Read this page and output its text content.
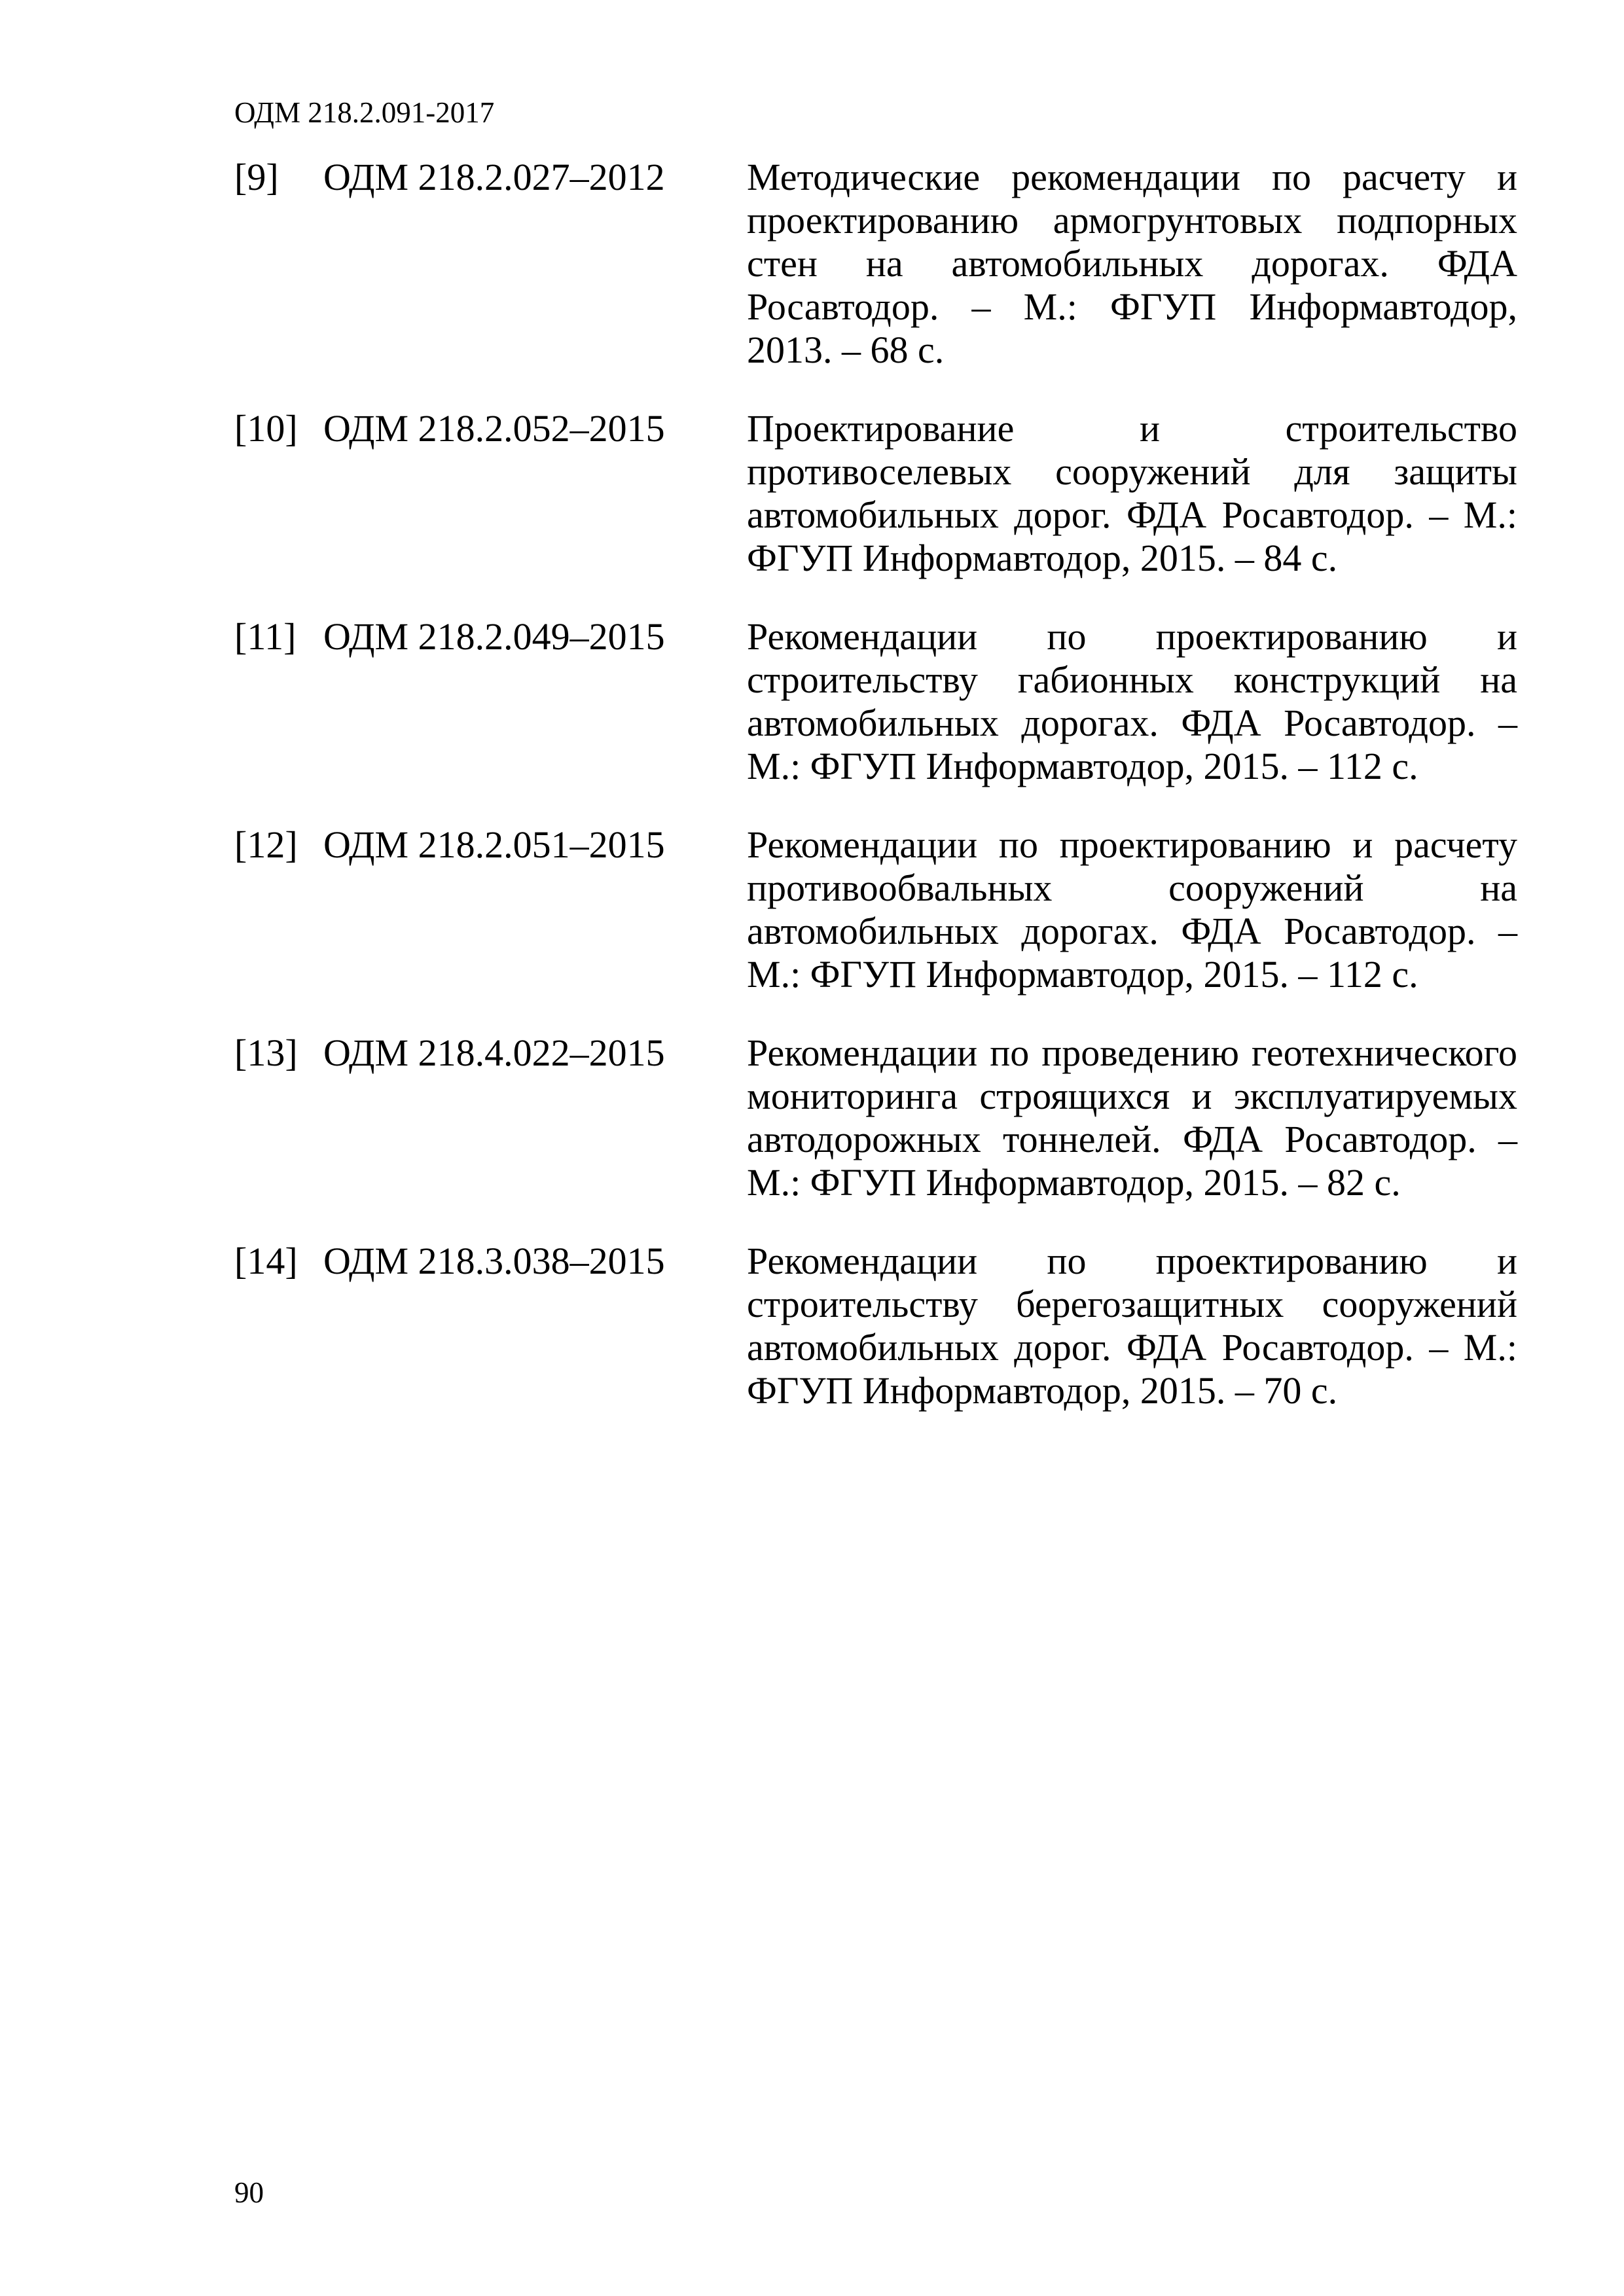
ОДМ 218.2.091-2017
[9] ОДМ 218.2.027–2012 Методические рекомендации по расчету и проектированию армогрунтовых подпорных стен на автомобильных дорогах. ФДА Росавтодор. – М.: ФГУП Информавтодор, 2013. – 68 с.
[10] ОДМ 218.2.052–2015 Проектирование и строительство противоселевых сооружений для защиты автомобильных дорог. ФДА Росавтодор. – М.: ФГУП Информавтодор, 2015. – 84 с.
[11] ОДМ 218.2.049–2015 Рекомендации по проектированию и строительству габионных конструкций на автомобильных дорогах. ФДА Росавтодор. – М.: ФГУП Информавтодор, 2015. – 112 с.
[12] ОДМ 218.2.051–2015 Рекомендации по проектированию и расчету противообвальных сооружений на автомобильных дорогах. ФДА Росавтодор. – М.: ФГУП Информавтодор, 2015. – 112 с.
[13] ОДМ 218.4.022–2015 Рекомендации по проведению геотехнического мониторинга строящихся и эксплуатируемых автодорожных тоннелей. ФДА Росавтодор. – М.: ФГУП Информавтодор, 2015. – 82 с.
[14] ОДМ 218.3.038–2015 Рекомендации по проектированию и строительству берегозащитных сооружений автомобильных дорог. ФДА Росавтодор. – М.: ФГУП Информавтодор, 2015. – 70 с.
90
